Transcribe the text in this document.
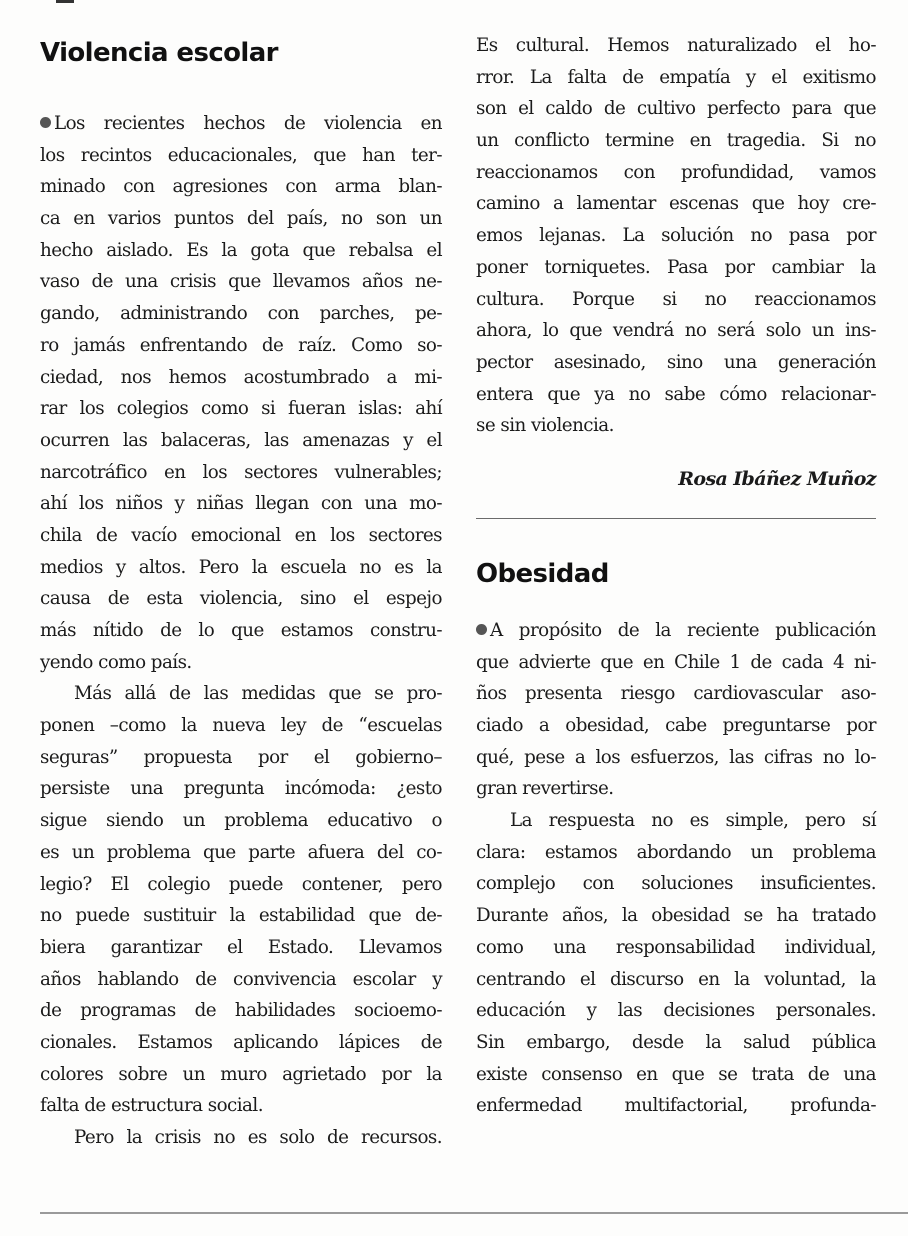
Violencia escolar
Los recientes hechos de violencia en
los recintos educacionales, que han ter-
minado con agresiones con arma blan-
ca en varios puntos del país, no son un
hecho aislado. Es la gota que rebalsa el
vaso de una crisis que llevamos años ne-
gando, administrando con parches, pe-
ro jamás enfrentando de raíz. Como so-
ciedad, nos hemos acostumbrado a mi-
rar los colegios como si fueran islas: ahí
ocurren las balaceras, las amenazas y el
narcotráfico en los sectores vulnerables;
ahí los niños y niñas llegan con una mo-
chila de vacío emocional en los sectores
medios y altos. Pero la escuela no es la
causa de esta violencia, sino el espejo
más nítido de lo que estamos constru-
yendo como país.
Más allá de las medidas que se pro-
ponen –como la nueva ley de “escuelas
seguras” propuesta por el gobierno–
persiste una pregunta incómoda: ¿esto
sigue siendo un problema educativo o
es un problema que parte afuera del co-
legio? El colegio puede contener, pero
no puede sustituir la estabilidad que de-
biera garantizar el Estado. Llevamos
años hablando de convivencia escolar y
de programas de habilidades socioemo-
cionales. Estamos aplicando lápices de
colores sobre un muro agrietado por la
falta de estructura social.
Pero la crisis no es solo de recursos.
Es cultural. Hemos naturalizado el ho-
rror. La falta de empatía y el exitismo
son el caldo de cultivo perfecto para que
un conflicto termine en tragedia. Si no
reaccionamos con profundidad, vamos
camino a lamentar escenas que hoy cre-
emos lejanas. La solución no pasa por
poner torniquetes. Pasa por cambiar la
cultura. Porque si no reaccionamos
ahora, lo que vendrá no será solo un ins-
pector asesinado, sino una generación
entera que ya no sabe cómo relacionar-
se sin violencia.
Rosa Ibáñez Muñoz
Obesidad
A propósito de la reciente publicación
que advierte que en Chile 1 de cada 4 ni-
ños presenta riesgo cardiovascular aso-
ciado a obesidad, cabe preguntarse por
qué, pese a los esfuerzos, las cifras no lo-
gran revertirse.
La respuesta no es simple, pero sí
clara: estamos abordando un problema
complejo con soluciones insuficientes.
Durante años, la obesidad se ha tratado
como una responsabilidad individual,
centrando el discurso en la voluntad, la
educación y las decisiones personales.
Sin embargo, desde la salud pública
existe consenso en que se trata de una
enfermedad multifactorial, profunda-
